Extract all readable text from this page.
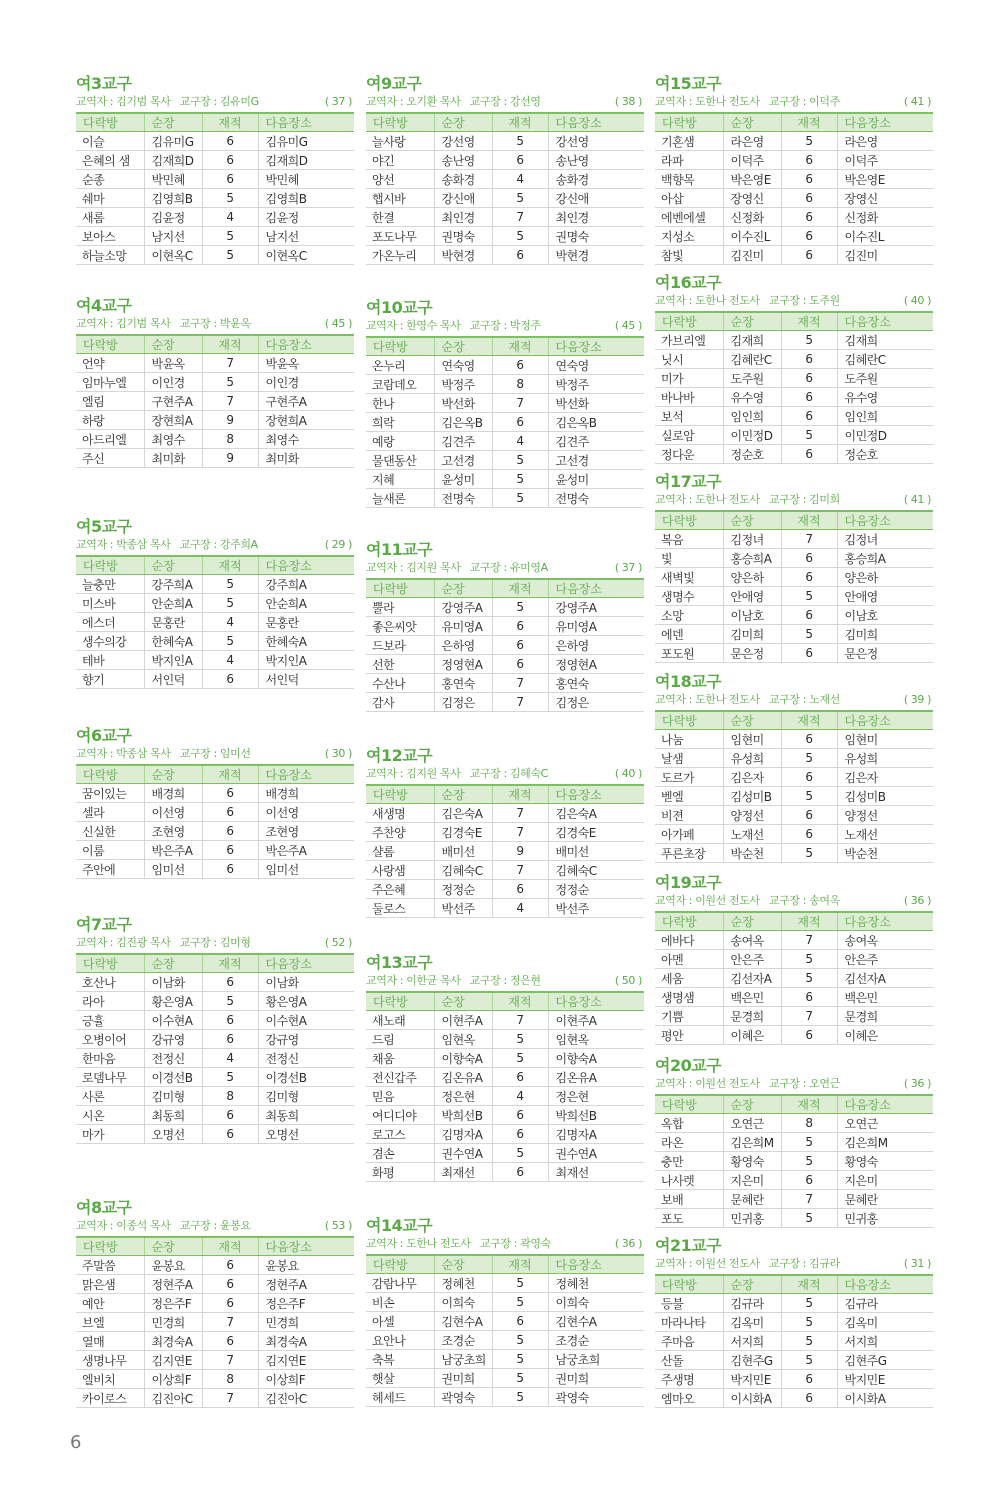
여3교구
교역자 : 김기범 목사 교구장 : 김유미G	( 37 )
다락방	순장	재적	다음장소
이슬	김유미G	6	김유미G
은혜의 샘	김재희D	6	김재희D
순종	박민혜	6	박민혜
쉐마	김영희B	5	김영희B
새롬	김윤정	4	김윤정
보아스	남지선	5	남지선
하늘소망	이현옥C	5	이현옥C
여4교구
교역자 : 김기범 목사 교구장 : 박윤옥	( 45 )
다락방	순장	재적	다음장소
언약	박윤옥	7	박윤옥
임마누엘	이인경	5	이인경
엘림	구현주A	7	구현주A
하랑	장현희A	9	장현희A
아드리엘	최영수	8	최영수
주신	최미화	9	최미화
여5교구
교역자 : 박종삼 목사 교구장 : 강주희A	( 29 )
다락방	순장	재적	다음장소
늘충만	강주희A	5	강주희A
미스바	안순희A	5	안순희A
에스더	문홍란	4	문홍란
생수의강	한혜숙A	5	한혜숙A
테바	박지인A	4	박지인A
향기	서인덕	6	서인덕
여6교구
교역자 : 박종삼 목사 교구장 : 임미선	( 30 )
다락방	순장	재적	다음장소
꿈이있는	배경희	6	배경희
셀라	이선영	6	이선영
신실한	조현영	6	조현영
이룸	박은주A	6	박은주A
주안에	임미선	6	임미선
여7교구
교역자 : 김진광 목사 교구장 : 김미형	( 52 )
다락방	순장	재적	다음장소
호산나	이남화	6	이남화
라아	황은영A	5	황은영A
긍휼	이수현A	6	이수현A
오병이어	강규영	6	강규영
한마음	전정신	4	전정신
로뎀나무	이경선B	5	이경선B
사론	김미형	8	김미형
시온	최동희	6	최동희
마가	오명선	6	오명선
여8교구
교역자 : 이종석 목사 교구장 : 윤봉요	( 53 )
다락방	순장	재적	다음장소
주말씀	윤봉요	6	윤봉요
맑은샘	정현주A	6	정현주A
예안	정은주F	6	정은주F
브엘	민경희	7	민경희
열매	최경숙A	6	최경숙A
생명나무	김지연E	7	김지연E
엘비치	이상희F	8	이상희F
카이로스	김진아C	7	김진아C
여9교구
교역자 : 오기환 목사 교구장 : 강선영	( 38 )
다락방	순장	재적	다음장소
늘사랑	강선영	5	강선영
야긴	송난영	6	송난영
양선	송화경	4	송화경
햅시바	강신애	5	강신애
한결	최인경	7	최인경
포도나무	권명숙	5	권명숙
가온누리	박현경	6	박현경
여10교구
교역자 : 한영수 목사 교구장 : 박정주	( 45 )
다락방	순장	재적	다음장소
온누리	연숙영	6	연숙영
코람데오	박정주	8	박정주
한나	박선화	7	박선화
희락	김은옥B	6	김은옥B
예랑	김견주	4	김견주
물댄동산	고선경	5	고선경
지혜	윤성미	5	윤성미
늘새론	전명숙	5	전명숙
여11교구
교역자 : 김지원 목사 교구장 : 유미영A	( 37 )
다락방	순장	재적	다음장소
뿔라	강영주A	5	강영주A
좋은씨앗	유미영A	6	유미영A
드보라	은하영	6	은하영
선한	정영현A	6	정영현A
수산나	홍연숙	7	홍연숙
감사	김정은	7	김정은
여12교구
교역자 : 김지원 목사 교구장 : 김혜숙C	( 40 )
다락방	순장	재적	다음장소
새생명	김은숙A	7	김은숙A
주찬양	김경숙E	7	김경숙E
샬롬	배미선	9	배미선
사랑샘	김혜숙C	7	김혜숙C
주은혜	정정순	6	정정순
둘로스	박선주	4	박선주
여13교구
교역자 : 이한균 목사 교구장 : 정은현	( 50 )
다락방	순장	재적	다음장소
새노래	이현주A	7	이현주A
드림	임현옥	5	임현옥
채움	이향숙A	5	이향숙A
전신갑주	김온유A	6	김온유A
믿음	정은현	4	정은현
여디디야	박희선B	6	박희선B
로고스	김명자A	6	김명자A
겸손	권수연A	5	권수연A
화평	최재선	6	최재선
여14교구
교역자 : 도한나 전도사 교구장 : 곽영숙	( 36 )
다락방	순장	재적	다음장소
감람나무	정혜천	5	정혜천
비손	이희숙	5	이희숙
아셀	김현수A	6	김현수A
요안나	조경순	5	조경순
축복	남궁초희	5	남궁초희
햇살	권미희	5	권미희
헤세드	곽영숙	5	곽영숙
여15교구
교역자 : 도한나 전도사 교구장 : 이덕주	( 41 )
다락방	순장	재적	다음장소
기혼샘	라은영	5	라은영
라파	이덕주	6	이덕주
백향목	박은영E	6	박은영E
아삽	장영신	6	장영신
에벤에셀	신정화	6	신정화
지성소	이수진L	6	이수진L
참빛	김진미	6	김진미
여16교구
교역자 : 도한나 전도사 교구장 : 도주원	( 40 )
다락방	순장	재적	다음장소
가브리엘	김재희	5	김재희
닛시	김혜란C	6	김혜란C
미가	도주원	6	도주원
바나바	유수영	6	유수영
보석	임인희	6	임인희
실로암	이민정D	5	이민정D
정다운	정순호	6	정순호
여17교구
교역자 : 도한나 전도사 교구장 : 김미희	( 41 )
다락방	순장	재적	다음장소
복음	김정녀	7	김정녀
빛	홍승희A	6	홍승희A
새벽빛	양은하	6	양은하
생명수	안애영	5	안애영
소망	이남호	6	이남호
에덴	김미희	5	김미희
포도원	문은정	6	문은정
여18교구
교역자 : 도한나 전도사 교구장 : 노재선	( 39 )
다락방	순장	재적	다음장소
나눔	임현미	6	임현미
날샘	유성희	5	유성희
도르가	김은자	6	김은자
벧엘	김성미B	5	김성미B
비젼	양정선	6	양정선
아가페	노재선	6	노재선
푸른초장	박순천	5	박순천
여19교구
교역자 : 이원선 전도사 교구장 : 송여옥	( 36 )
다락방	순장	재적	다음장소
에바다	송여옥	7	송여옥
아멘	안은주	5	안은주
세움	김선자A	5	김선자A
생명샘	백은민	6	백은민
기쁨	문경희	7	문경희
평안	이혜은	6	이혜은
여20교구
교역자 : 이원선 전도사 교구장 : 오연근	( 36 )
다락방	순장	재적	다음장소
옥합	오연근	8	오연근
라온	김은희M	5	김은희M
충만	황영숙	5	황영숙
나사렛	지은미	6	지은미
보배	문혜란	7	문혜란
포도	민귀홍	5	민귀홍
여21교구
교역자 : 이원선 전도사 교구장 : 김규라	( 31 )
다락방	순장	재적	다음장소
등불	김규라	5	김규라
마라나타	김옥미	5	김옥미
주마음	서지희	5	서지희
산돌	김현주G	5	김현주G
주생명	박지민E	6	박지민E
엠마오	이시화A	6	이시화A
6
